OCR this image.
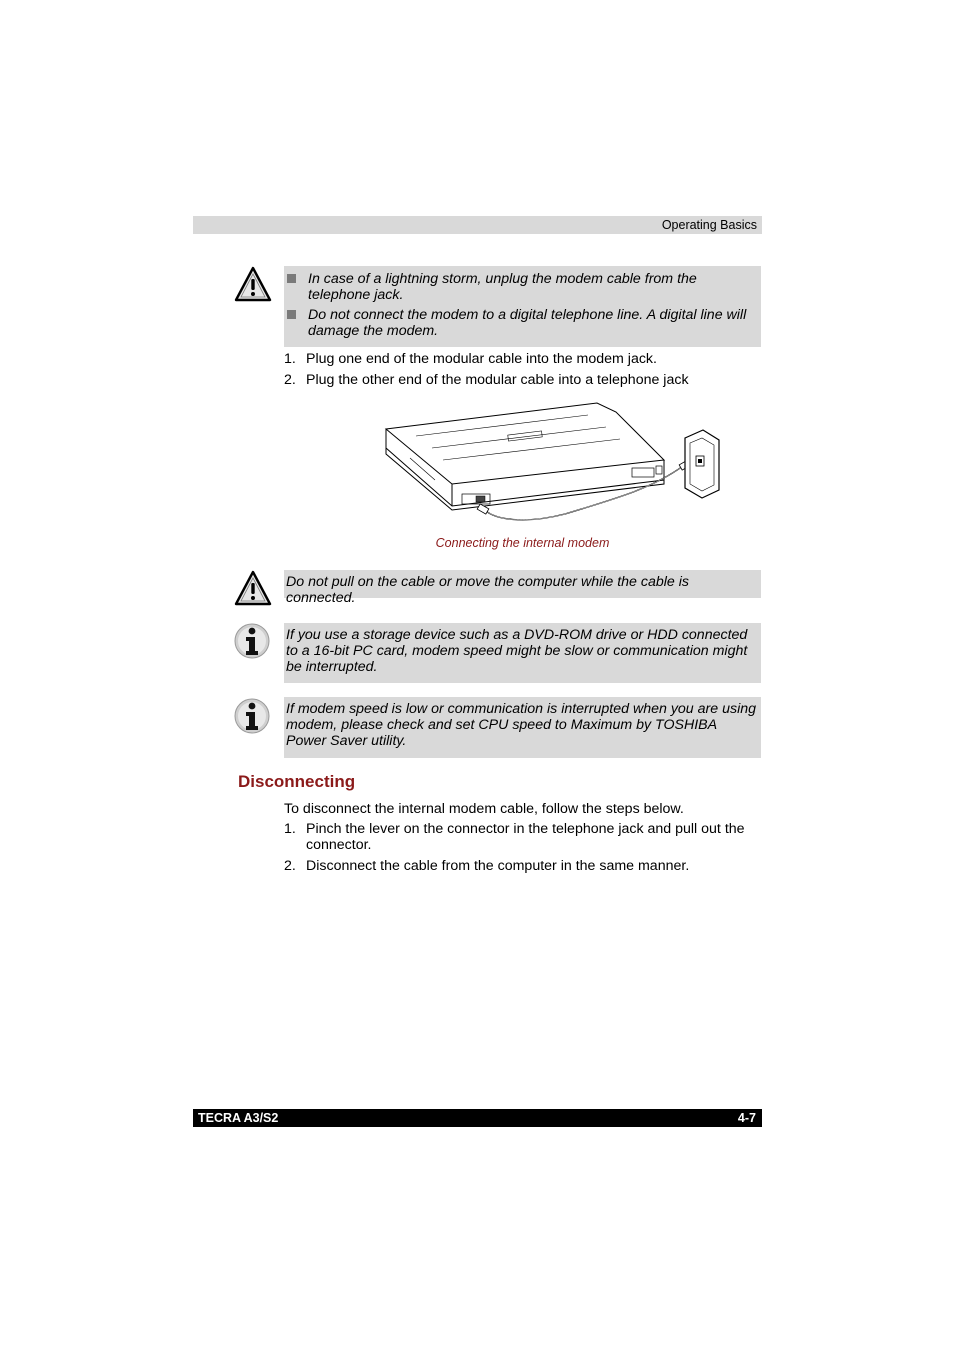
Operating Basics
In case of a lightning storm, unplug the modem cable from the telephone jack.
Do not connect the modem to a digital telephone line. A digital line will damage the modem.
1. Plug one end of the modular cable into the modem jack.
2. Plug the other end of the modular cable into a telephone jack
Connecting the internal modem
Do not pull on the cable or move the computer while the cable is connected.
If you use a storage device such as a DVD-ROM drive or HDD connected to a 16-bit PC card, modem speed might be slow or communication might be interrupted.
If modem speed is low or communication is interrupted when you are using modem, please check and set CPU speed to Maximum by TOSHIBA Power Saver utility.
Disconnecting
To disconnect the internal modem cable, follow the steps below.
1. Pinch the lever on the connector in the telephone jack and pull out the connector.
2. Disconnect the cable from the computer in the same manner.
TECRA A3/S2	4-7
